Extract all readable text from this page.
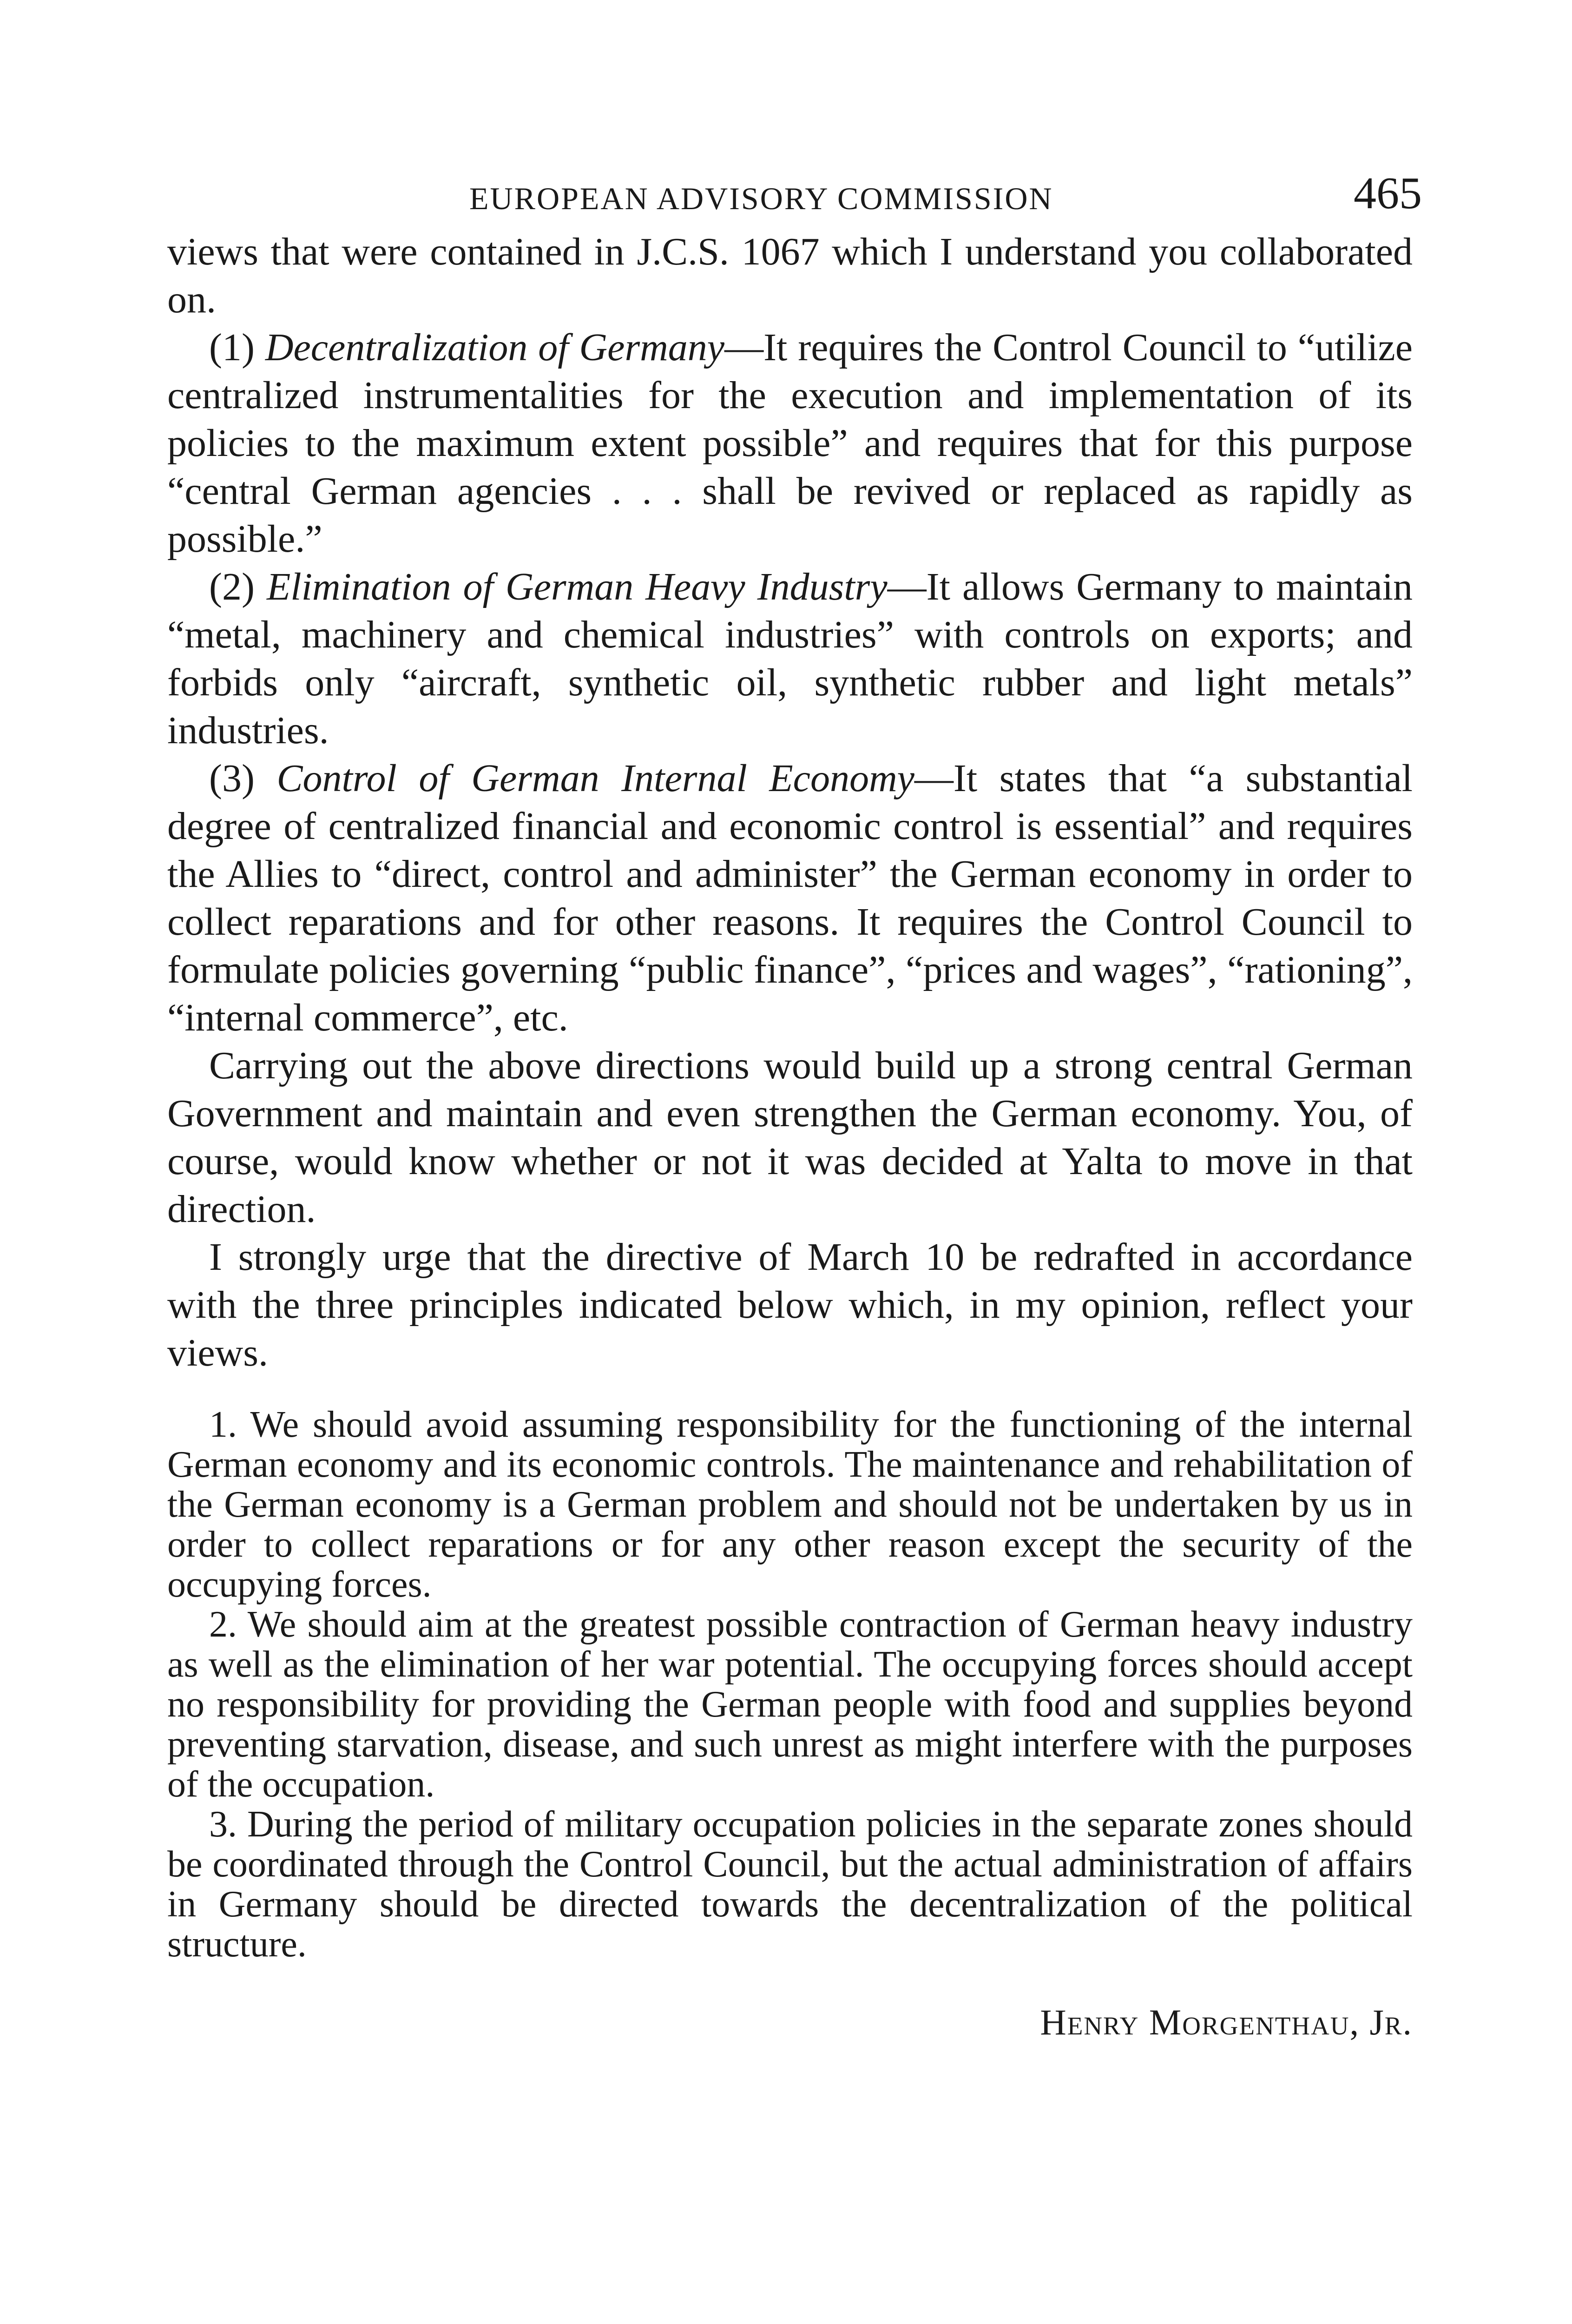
EUROPEAN ADVISORY COMMISSION	465

views that were contained in J.C.S. 1067 which I understand you collaborated on.

(1) Decentralization of Germany—It requires the Control Council to “utilize centralized instrumentalities for the execution and implementation of its policies to the maximum extent possible” and requires that for this purpose “central German agencies . . . shall be revived or replaced as rapidly as possible.”

(2) Elimination of German Heavy Industry—It allows Germany to maintain “metal, machinery and chemical industries” with controls on exports; and forbids only “aircraft, synthetic oil, synthetic rubber and light metals” industries.

(3) Control of German Internal Economy—It states that “a substantial degree of centralized financial and economic control is essential” and requires the Allies to “direct, control and administer” the German economy in order to collect reparations and for other reasons. It requires the Control Council to formulate policies governing “public finance”, “prices and wages”, “rationing”, “internal commerce”, etc.

Carrying out the above directions would build up a strong central German Government and maintain and even strengthen the German economy. You, of course, would know whether or not it was decided at Yalta to move in that direction.

I strongly urge that the directive of March 10 be redrafted in accordance with the three principles indicated below which, in my opinion, reflect your views.

1. We should avoid assuming responsibility for the functioning of the internal German economy and its economic controls. The maintenance and rehabilitation of the German economy is a German problem and should not be undertaken by us in order to collect reparations or for any other reason except the security of the occupying forces.

2. We should aim at the greatest possible contraction of German heavy industry as well as the elimination of her war potential. The occupying forces should accept no responsibility for providing the German people with food and supplies beyond preventing starvation, disease, and such unrest as might interfere with the purposes of the occupation.

3. During the period of military occupation policies in the separate zones should be coordinated through the Control Council, but the actual administration of affairs in Germany should be directed towards the decentralization of the political structure.

Henry Morgenthau, Jr.
